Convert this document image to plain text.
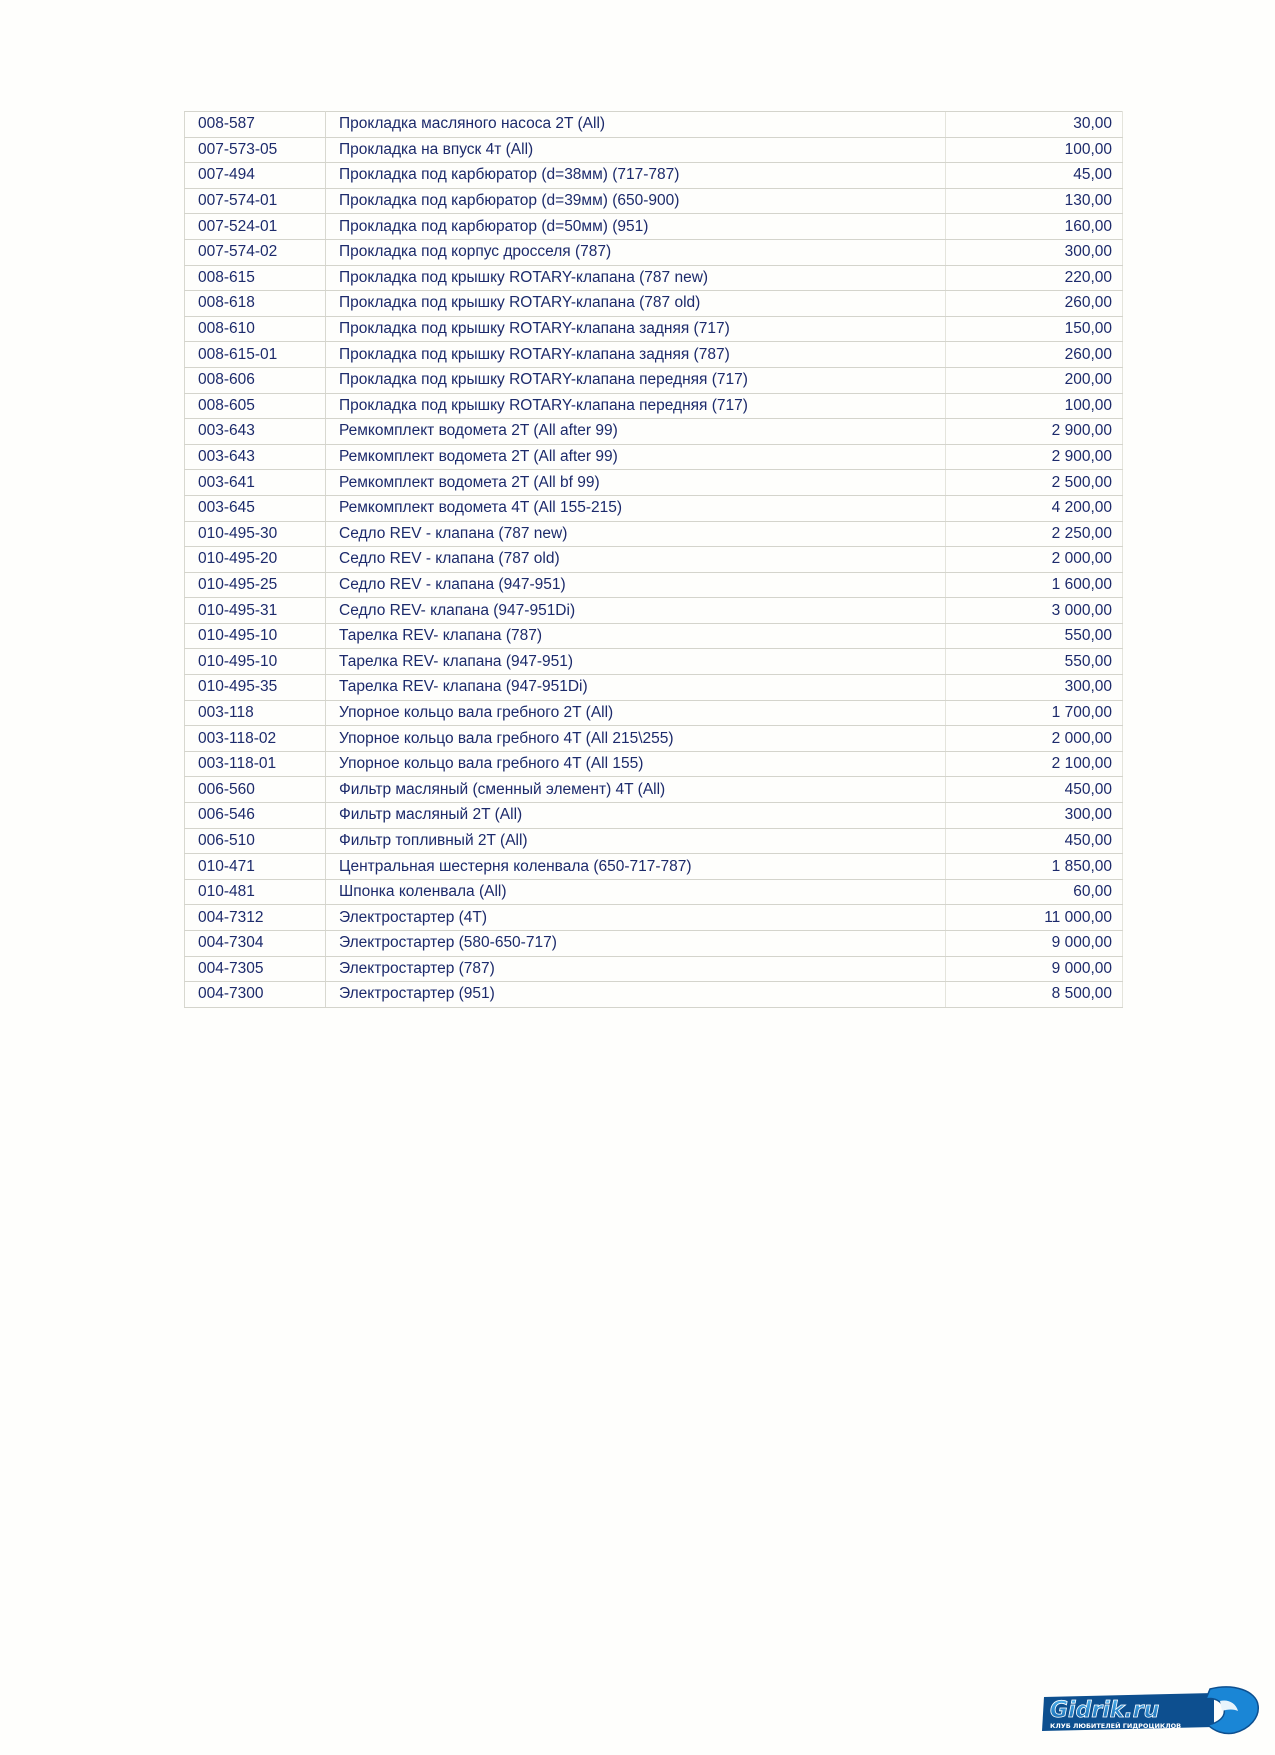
008-587	Прокладка масляного насоса 2T (All)	30,00
007-573-05	Прокладка на впуск 4т (All)	100,00
007-494	Прокладка под карбюратор (d=38мм) (717-787)	45,00
007-574-01	Прокладка под карбюратор (d=39мм) (650-900)	130,00
007-524-01	Прокладка под карбюратор (d=50мм) (951)	160,00
007-574-02	Прокладка под корпус дросселя (787)	300,00
008-615	Прокладка под крышку ROTARY-клапана (787 new)	220,00
008-618	Прокладка под крышку ROTARY-клапана (787 old)	260,00
008-610	Прокладка под крышку ROTARY-клапана задняя (717)	150,00
008-615-01	Прокладка под крышку ROTARY-клапана задняя (787)	260,00
008-606	Прокладка под крышку ROTARY-клапана передняя (717)	200,00
008-605	Прокладка под крышку ROTARY-клапана передняя (717)	100,00
003-643	Ремкомплект водомета 2T (All after 99)	2 900,00
003-643	Ремкомплект водомета 2T (All after 99)	2 900,00
003-641	Ремкомплект водомета 2T (All bf 99)	2 500,00
003-645	Ремкомплект водомета 4T (All 155-215)	4 200,00
010-495-30	Седло REV - клапана (787 new)	2 250,00
010-495-20	Седло REV - клапана (787 old)	2 000,00
010-495-25	Седло REV - клапана (947-951)	1 600,00
010-495-31	Седло REV- клапана (947-951Di)	3 000,00
010-495-10	Тарелка REV- клапана (787)	550,00
010-495-10	Тарелка REV- клапана (947-951)	550,00
010-495-35	Тарелка REV- клапана (947-951Di)	300,00
003-118	Упорное кольцо вала гребного 2T (All)	1 700,00
003-118-02	Упорное кольцо вала гребного 4T (All 215\255)	2 000,00
003-118-01	Упорное кольцо вала гребного 4T (All 155)	2 100,00
006-560	Фильтр масляный (сменный элемент) 4T (All)	450,00
006-546	Фильтр масляный 2T (All)	300,00
006-510	Фильтр топливный 2T (All)	450,00
010-471	Центральная шестерня коленвала (650-717-787)	1 850,00
010-481	Шпонка коленвала (All)	60,00
004-7312	Электростартер (4T)	11 000,00
004-7304	Электростартер (580-650-717)	9 000,00
004-7305	Электростартер (787)	9 000,00
004-7300	Электростартер (951)	8 500,00
Gidrik.ru
КЛУБ ЛЮБИТЕЛЕЙ ГИДРОЦИКЛОВ
